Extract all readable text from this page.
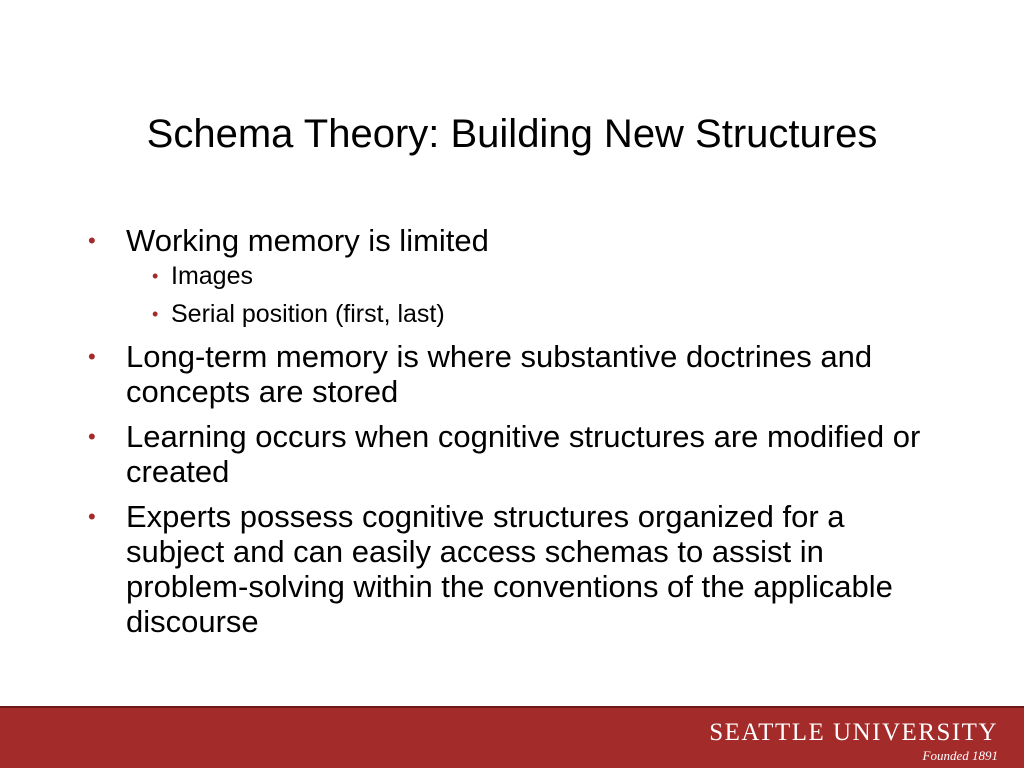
Schema Theory: Building New Structures
• Working memory is limited
• Images
• Serial position (first, last)
• Long-term memory is where substantive doctrines and concepts are stored
• Learning occurs when cognitive structures are modified or created
• Experts possess cognitive structures organized for a subject and can easily access schemas to assist in problem-solving within the conventions of the applicable discourse
SEATTLE UNIVERSITY
Founded 1891
